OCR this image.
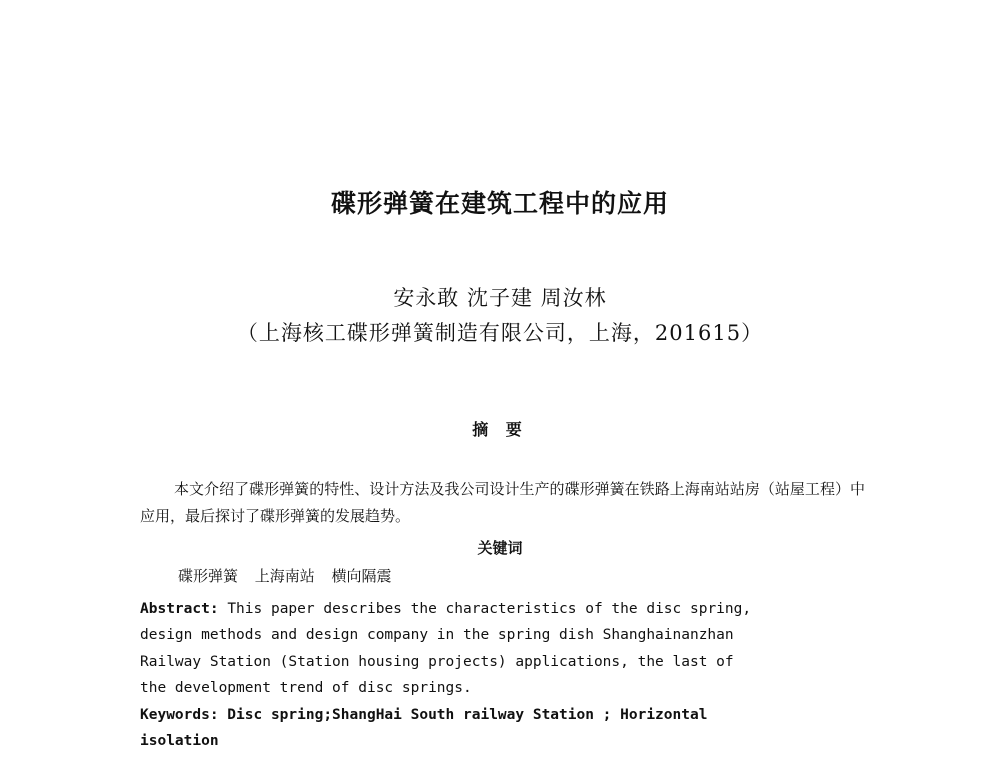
碟形弹簧在建筑工程中的应用
安永敢 沈子建 周汝林
（上海核工碟形弹簧制造有限公司，上海，201615）
摘 要
本文介绍了碟形弹簧的特性、设计方法及我公司设计生产的碟形弹簧在铁路上海南站站房（站屋工程）中应用，最后探讨了碟形弹簧的发展趋势。
关键词
碟形弹簧 上海南站 横向隔震
Abstract: This paper describes the characteristics of the disc spring,
design methods and design company in the spring dish Shanghainanzhan
Railway Station (Station housing projects) applications, the last of
the development trend of disc springs.
Keywords: Disc spring;ShangHai South railway Station ; Horizontal
isolation
